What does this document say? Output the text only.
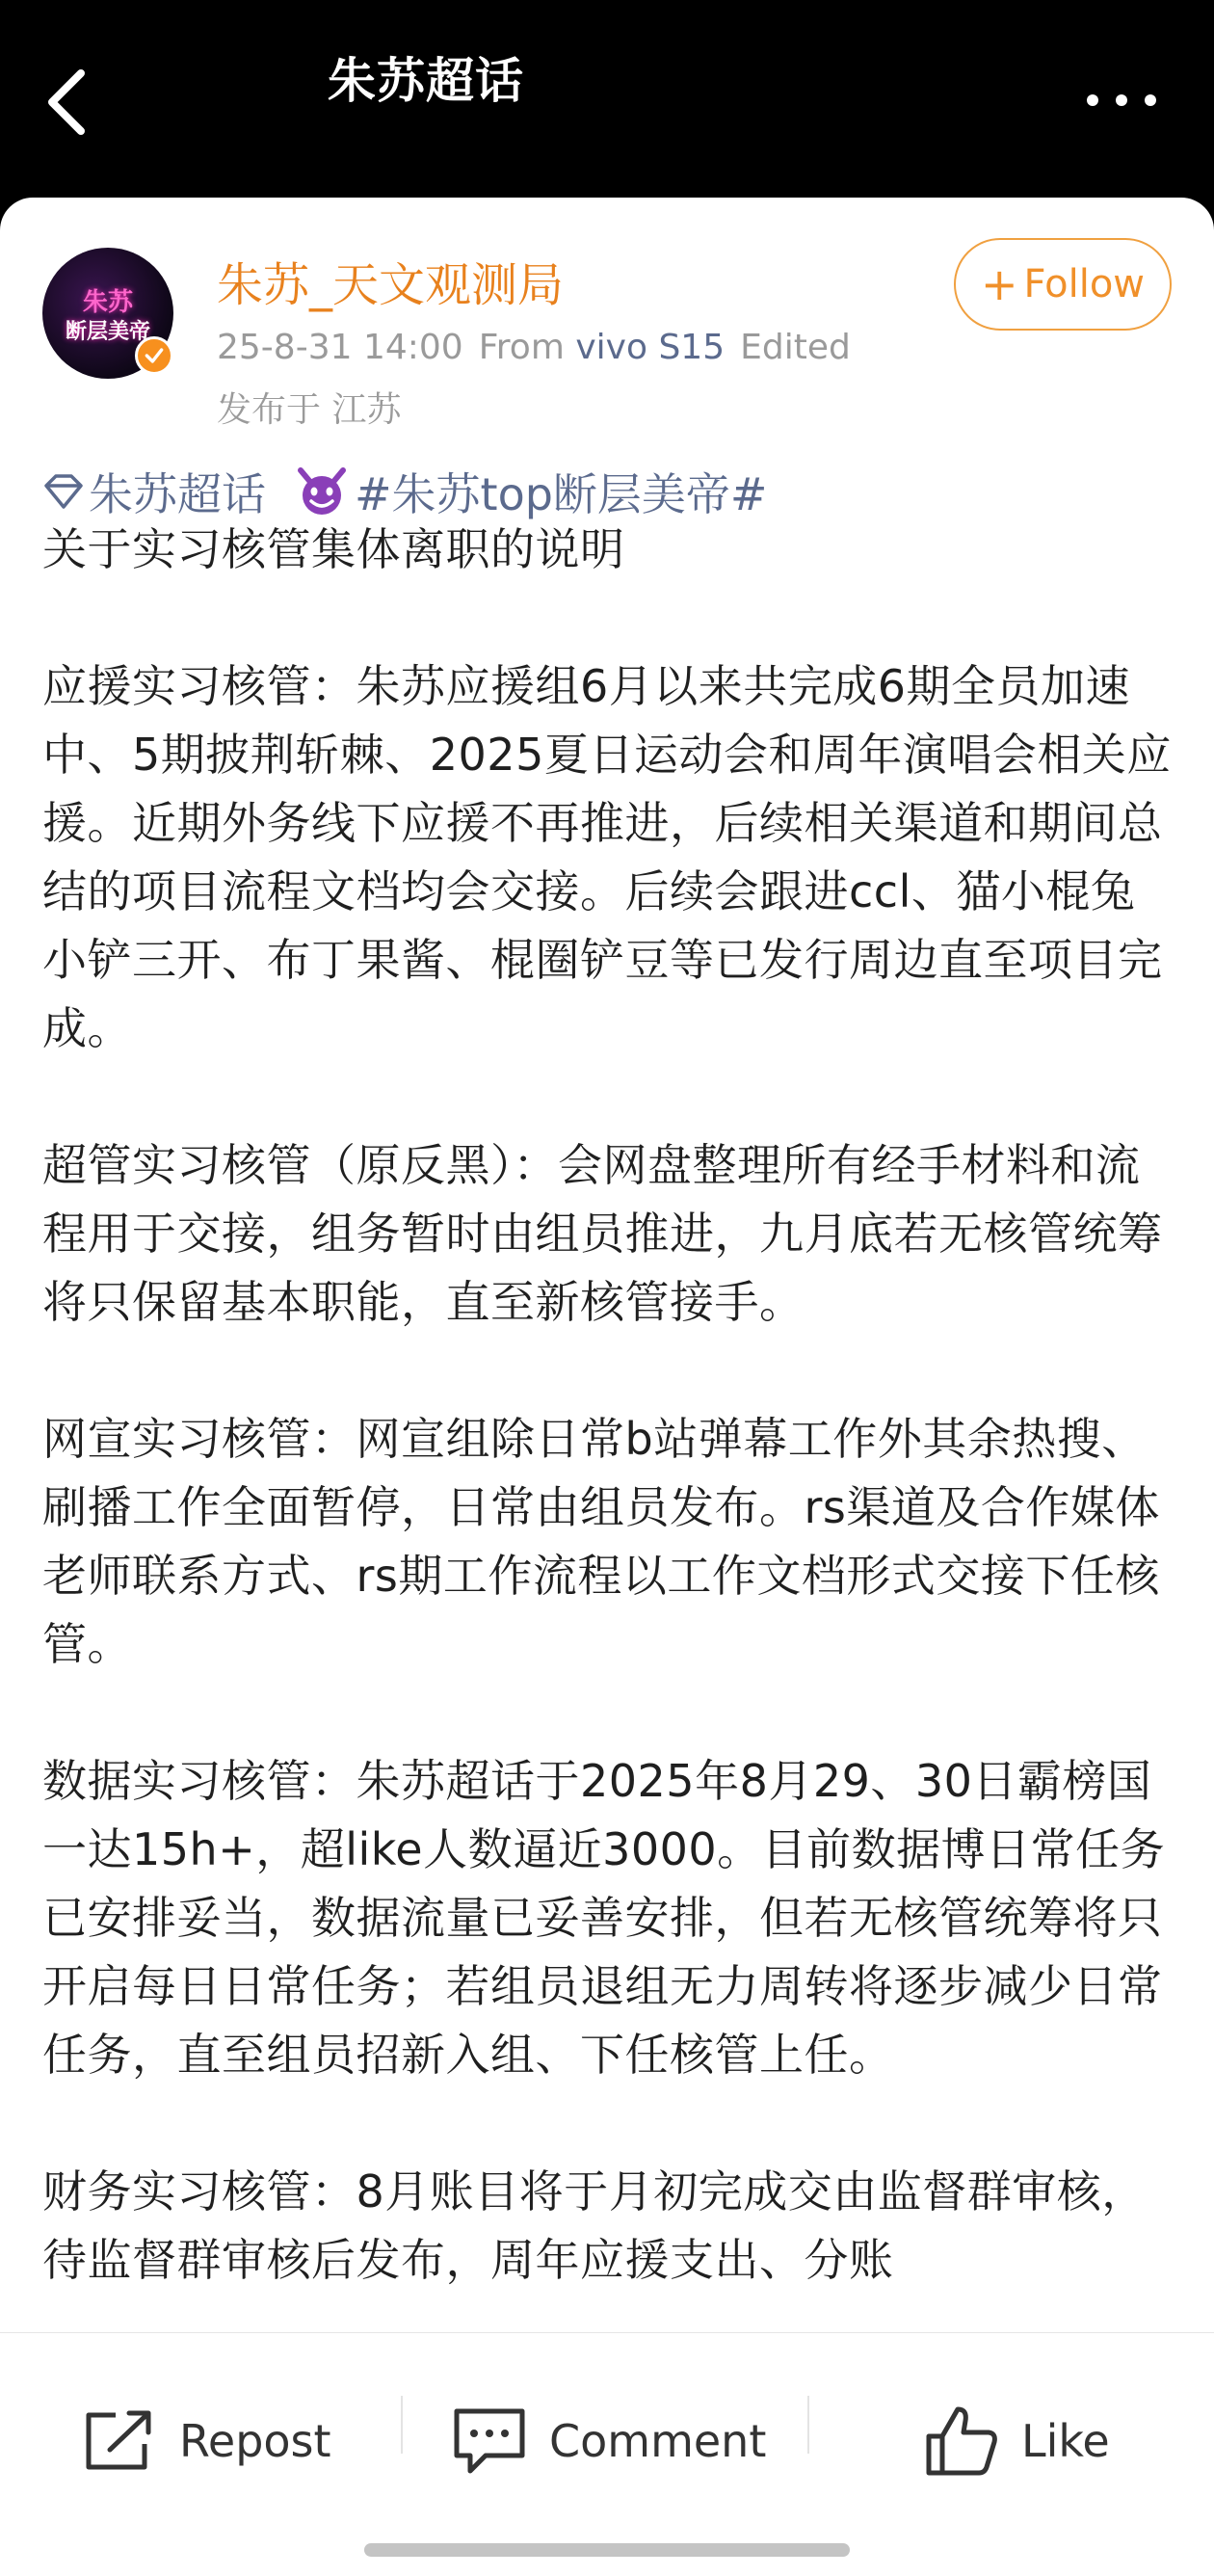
朱苏超话
朱苏
断层美帝
朱苏_天文观测局
25-8-31 14:00 From vivo S15 Edited
发布于 江苏
+ Follow
朱苏超话 #朱苏top断层美帝#

关于实习核管集体离职的说明

应援实习核管：朱苏应援组6月以来共完成6期全员加速中、5期披荆斩棘、2025夏日运动会和周年演唱会相关应援。近期外务线下应援不再推进，后续相关渠道和期间总结的项目流程文档均会交接。后续会跟进ccl、猫小棍兔小铲三开、布丁果酱、棍圈铲豆等已发行周边直至项目完成。

超管实习核管（原反黑）：会网盘整理所有经手材料和流程用于交接，组务暂时由组员推进，九月底若无核管统筹将只保留基本职能，直至新核管接手。

网宣实习核管：网宣组除日常b站弹幕工作外其余热搜、刷播工作全面暂停，日常由组员发布。rs渠道及合作媒体老师联系方式、rs期工作流程以工作文档形式交接下任核管。

数据实习核管：朱苏超话于2025年8月29、30日霸榜国一达15h+，超like人数逼近3000。目前数据博日常任务已安排妥当，数据流量已妥善安排，但若无核管统筹将只开启每日日常任务；若组员退组无力周转将逐步减少日常任务，直至组员招新入组、下任核管上任。

财务实习核管：8月账目将于月初完成交由监督群审核，待监督群审核后发布，周年应援支出、分账

Repost	Comment	Like
